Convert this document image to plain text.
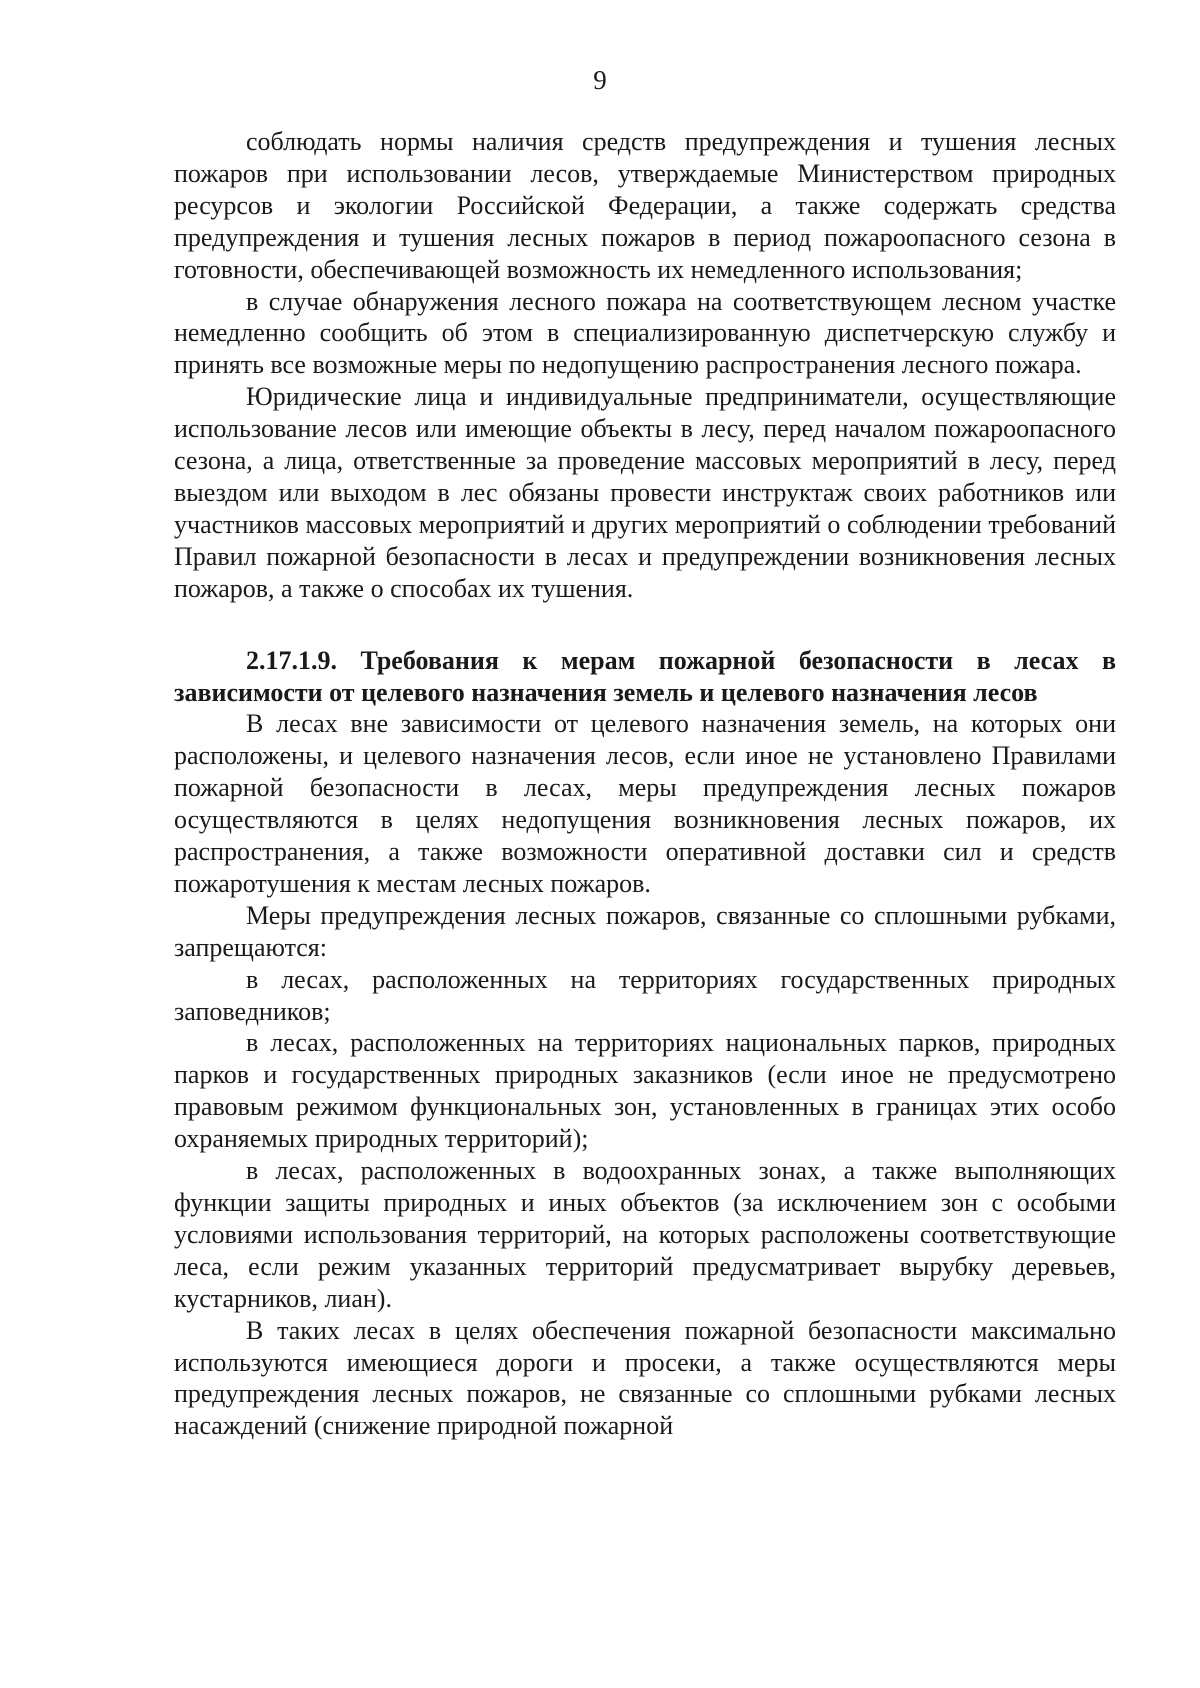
9

соблюдать нормы наличия средств предупреждения и тушения лесных пожаров при использовании лесов, утверждаемые Министерством природных ресурсов и экологии Российской Федерации, а также содержать средства предупреждения и тушения лесных пожаров в период пожароопасного сезона в готовности, обеспечивающей возможность их немедленного использования;

в случае обнаружения лесного пожара на соответствующем лесном участке немедленно сообщить об этом в специализированную диспетчерскую службу и принять все возможные меры по недопущению распространения лесного пожара.

Юридические лица и индивидуальные предприниматели, осуществляющие использование лесов или имеющие объекты в лесу, перед началом пожароопасного сезона, а лица, ответственные за проведение массовых мероприятий в лесу, перед выездом или выходом в лес обязаны провести инструктаж своих работников или участников массовых мероприятий и других мероприятий о соблюдении требований Правил пожарной безопасности в лесах и предупреждении возникновения лесных пожаров, а также о способах их тушения.

2.17.1.9. Требования к мерам пожарной безопасности в лесах в зависимости от целевого назначения земель и целевого назначения лесов

В лесах вне зависимости от целевого назначения земель, на которых они расположены, и целевого назначения лесов, если иное не установлено Правилами пожарной безопасности в лесах, меры предупреждения лесных пожаров осуществляются в целях недопущения возникновения лесных пожаров, их распространения, а также возможности оперативной доставки сил и средств пожаротушения к местам лесных пожаров.

Меры предупреждения лесных пожаров, связанные со сплошными рубками, запрещаются:

в лесах, расположенных на территориях государственных природных заповедников;

в лесах, расположенных на территориях национальных парков, природных парков и государственных природных заказников (если иное не предусмотрено правовым режимом функциональных зон, установленных в границах этих особо охраняемых природных территорий);

в лесах, расположенных в водоохранных зонах, а также выполняющих функции защиты природных и иных объектов (за исключением зон с особыми условиями использования территорий, на которых расположены соответствующие леса, если режим указанных территорий предусматривает вырубку деревьев, кустарников, лиан).

В таких лесах в целях обеспечения пожарной безопасности максимально используются имеющиеся дороги и просеки, а также осуществляются меры предупреждения лесных пожаров, не связанные со сплошными рубками лесных насаждений (снижение природной пожарной
